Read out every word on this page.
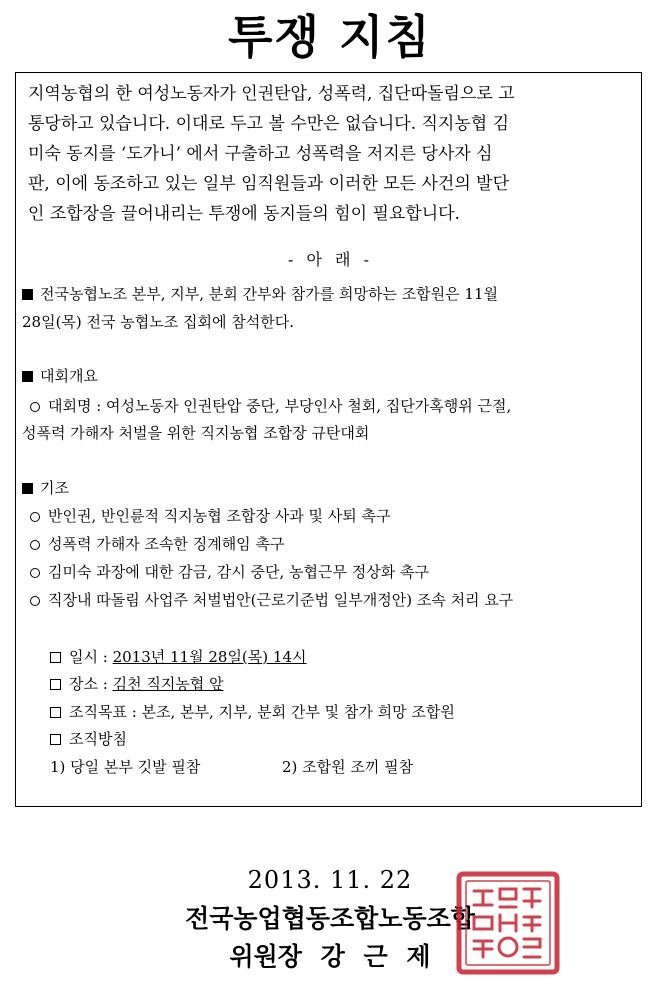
투쟁 지침

지역농협의 한 여성노동자가 인권탄압, 성폭력, 집단따돌림으로 고

통당하고 있습니다. 이대로 두고 볼 수만은 없습니다. 직지농협 김

미숙 동지를 ‘도가니’ 에서 구출하고 성폭력을 저지른 당사자 심

판, 이에 동조하고 있는 일부 임직원들과 이러한 모든 사건의 발단

인 조합장을 끌어내리는 투쟁에 동지들의 힘이 필요합니다.

- 아 래 -
전국농협노조 본부, 지부, 분회 간부와 참가를 희망하는 조합원은 11월
28일(목) 전국 농협노조 집회에 참석한다.
대회개요
대회명 : 여성노동자 인권탄압 중단, 부당인사 철회, 집단가혹행위 근절,
성폭력 가해자 처벌을 위한 직지농협 조합장 규탄대회
기조
반인권, 반인륜적 직지농협 조합장 사과 및 사퇴 촉구
성폭력 가해자 조속한 징계해임 촉구
김미숙 과장에 대한 감금, 감시 중단, 농협근무 정상화 촉구
직장내 따돌림 사업주 처벌법안(근로기준법 일부개정안) 조속 처리 요구
일시 : 2013년 11월 28일(목) 14시
장소 : 김천 직지농협 앞
조직목표 : 본조, 본부, 지부, 분회 간부 및 참가 희망 조합원
조직방침
1) 당일 본부 깃발 필참	2) 조합원 조끼 필참
2013. 11. 22
전국농업협동조합노동조합
위원장 강 근 제
